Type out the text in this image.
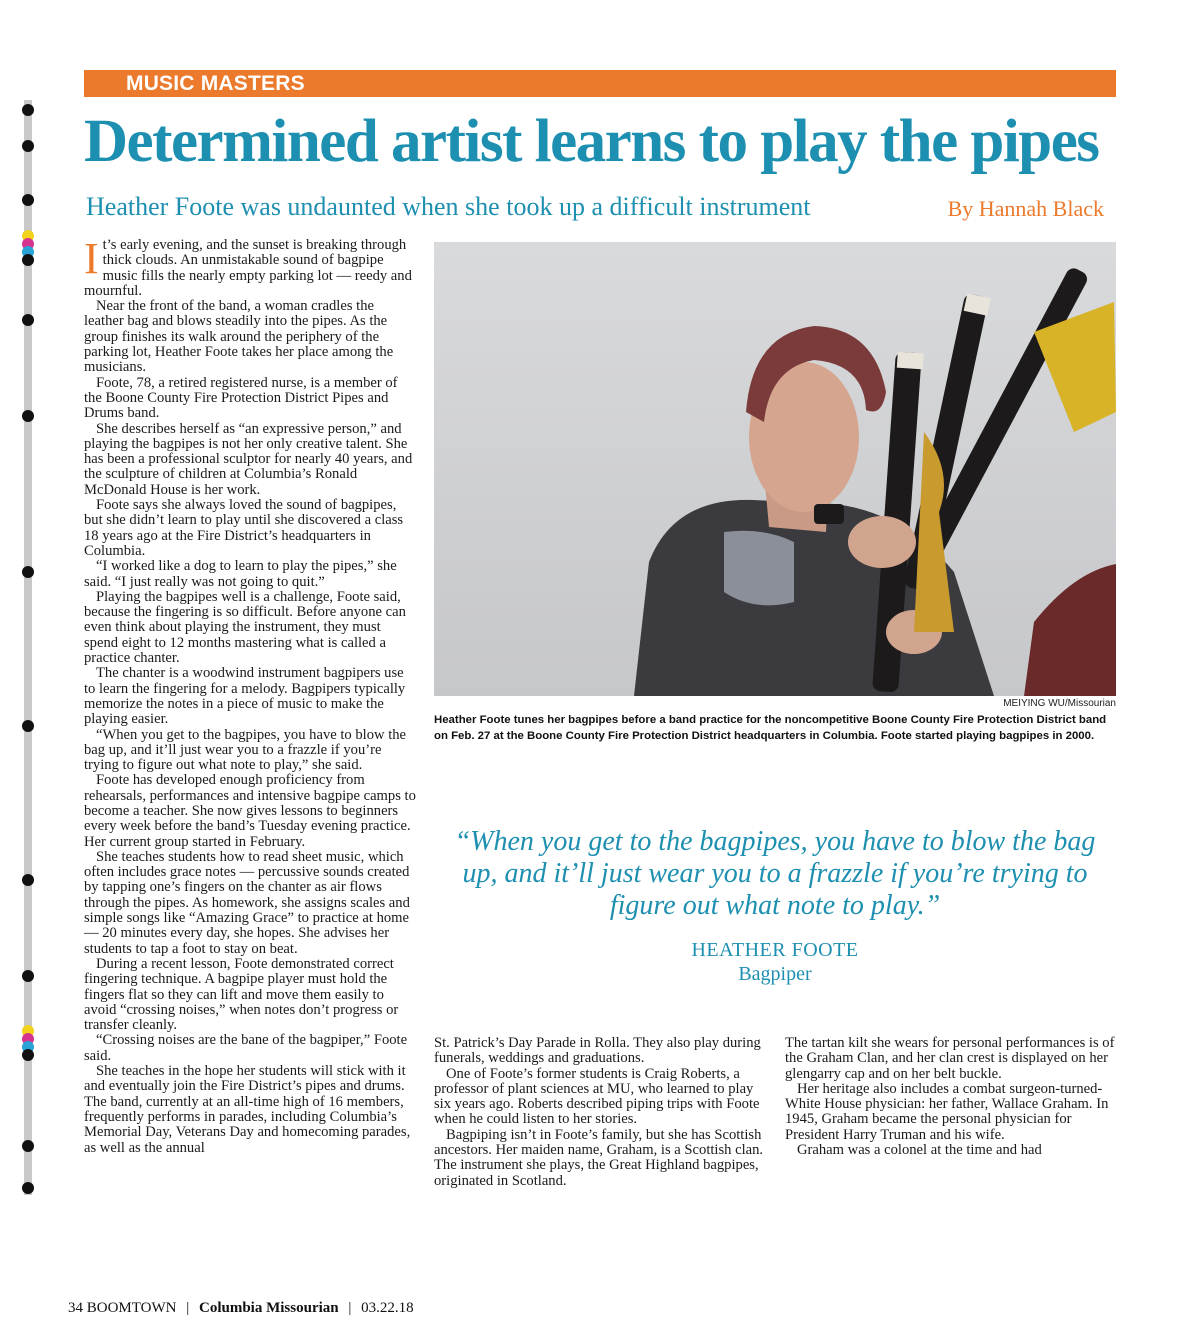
MUSIC MASTERS
Determined artist learns to play the pipes
Heather Foote was undaunted when she took up a difficult instrument	By Hannah Black

It’s early evening, and the sunset is breaking through thick clouds. An unmistakable sound of bagpipe music fills the nearly empty parking lot — reedy and mournful.

Near the front of the band, a woman cradles the leather bag and blows steadily into the pipes. As the group finishes its walk around the periphery of the parking lot, Heather Foote takes her place among the musicians.

Foote, 78, a retired registered nurse, is a member of the Boone County Fire Protection District Pipes and Drums band.

She describes herself as “an expressive person,” and playing the bagpipes is not her only creative talent. She has been a professional sculptor for nearly 40 years, and the sculpture of children at Columbia’s Ronald McDonald House is her work.

Foote says she always loved the sound of bagpipes, but she didn’t learn to play until she discovered a class 18 years ago at the Fire District’s headquarters in Columbia.

“I worked like a dog to learn to play the pipes,” she said. “I just really was not going to quit.”

Playing the bagpipes well is a challenge, Foote said, because the fingering is so difficult. Before anyone can even think about playing the instrument, they must spend eight to 12 months mastering what is called a practice chanter.

The chanter is a woodwind instrument bagpipers use to learn the fingering for a melody. Bagpipers typically memorize the notes in a piece of music to make the playing easier.

“When you get to the bagpipes, you have to blow the bag up, and it’ll just wear you to a frazzle if you’re trying to figure out what note to play,” she said.

Foote has developed enough proficiency from rehearsals, performances and intensive bagpipe camps to become a teacher. She now gives lessons to beginners every week before the band’s Tuesday evening practice. Her current group started in February.

She teaches students how to read sheet music, which often includes grace notes — percussive sounds created by tapping one’s fingers on the chanter as air flows through the pipes. As homework, she assigns scales and simple songs like “Amazing Grace” to practice at home — 20 minutes every day, she hopes. She advises her students to tap a foot to stay on beat.

During a recent lesson, Foote demonstrated correct fingering technique. A bagpipe player must hold the fingers flat so they can lift and move them easily to avoid “crossing noises,” when notes don’t progress or transfer cleanly.

“Crossing noises are the bane of the bagpiper,” Foote said.

She teaches in the hope her students will stick with it and eventually join the Fire District’s pipes and drums. The band, currently at an all-time high of 16 members, frequently performs in parades, including Columbia’s Memorial Day, Veterans Day and homecoming parades, as well as the annual

MEIYING WU/Missourian
Heather Foote tunes her bagpipes before a band practice for the noncompetitive Boone County Fire Protection District band on Feb. 27 at the Boone County Fire Protection District headquarters in Columbia. Foote started playing bagpipes in 2000.

“When you get to the bagpipes, you have to blow the bag up, and it’ll just wear you to a frazzle if you’re trying to figure out what note to play.”

HEATHER FOOTE
Bagpiper

St. Patrick’s Day Parade in Rolla. They also play during funerals, weddings and graduations.

One of Foote’s former students is Craig Roberts, a professor of plant sciences at MU, who learned to play six years ago. Roberts described piping trips with Foote when he could listen to her stories.

Bagpiping isn’t in Foote’s family, but she has Scottish ancestors. Her maiden name, Graham, is a Scottish clan. The instrument she plays, the Great Highland bagpipes, originated in Scotland.

The tartan kilt she wears for personal performances is of the Graham Clan, and her clan crest is displayed on her glengarry cap and on her belt buckle.

Her heritage also includes a combat surgeon-turned-White House physician: her father, Wallace Graham. In 1945, Graham became the personal physician for President Harry Truman and his wife.

Graham was a colonel at the time and had

34 BOOMTOWN | Columbia Missourian | 03.22.18
